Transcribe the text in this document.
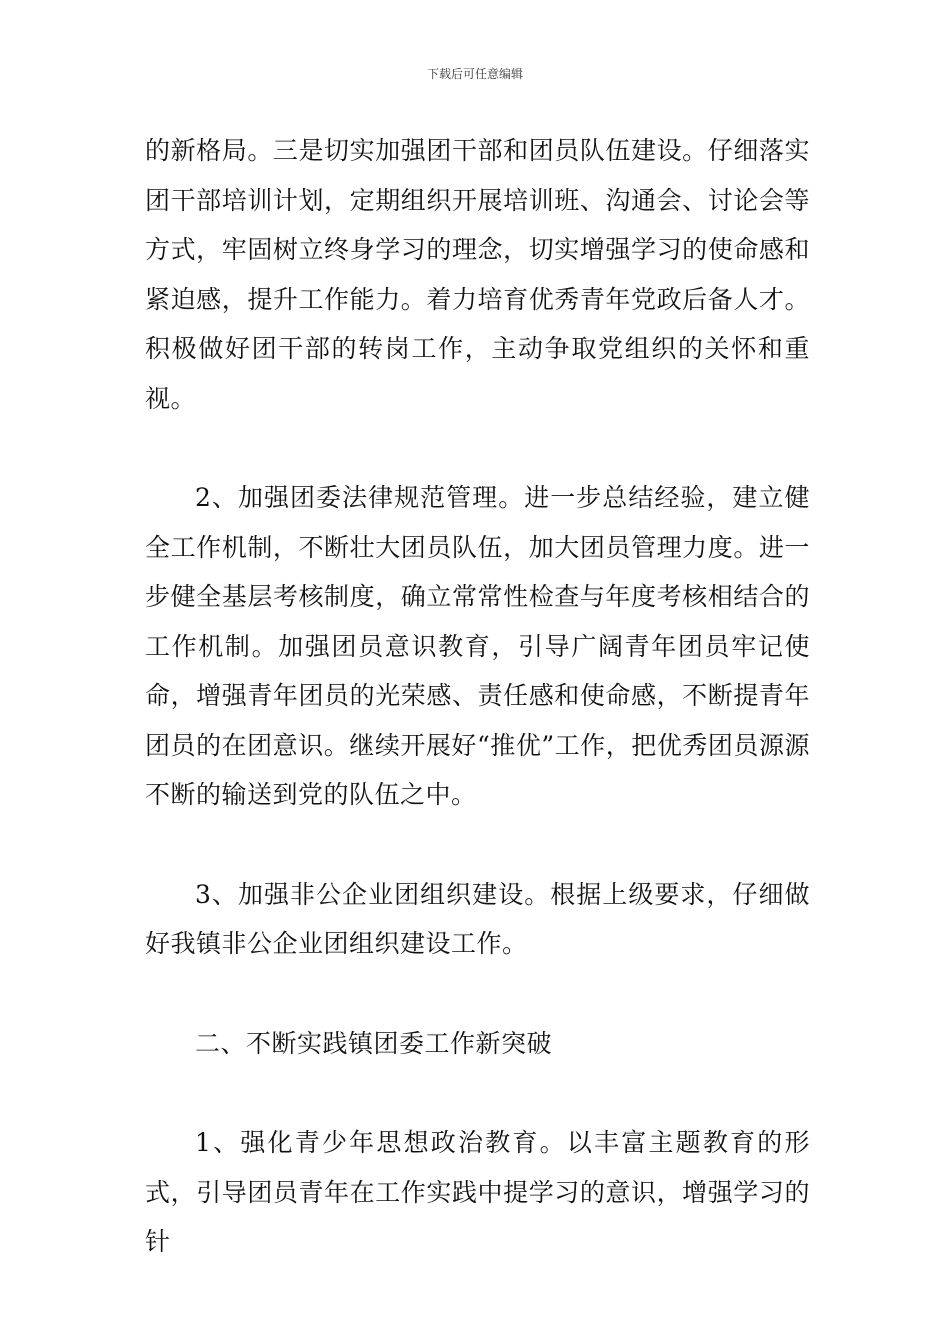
下载后可任意编辑

的新格局。三是切实加强团干部和团员队伍建设。仔细落实团干部培训计划，定期组织开展培训班、沟通会、讨论会等方式，牢固树立终身学习的理念，切实增强学习的使命感和紧迫感，提升工作能力。着力培育优秀青年党政后备人才。积极做好团干部的转岗工作，主动争取党组织的关怀和重视。

2、加强团委法律规范管理。进一步总结经验，建立健全工作机制，不断壮大团员队伍，加大团员管理力度。进一步健全基层考核制度，确立常常性检查与年度考核相结合的工作机制。加强团员意识教育，引导广阔青年团员牢记使命，增强青年团员的光荣感、责任感和使命感，不断提青年团员的在团意识。继续开展好“推优”工作，把优秀团员源源不断的输送到党的队伍之中。

3、加强非公企业团组织建设。根据上级要求，仔细做好我镇非公企业团组织建设工作。

二、不断实践镇团委工作新突破

1、强化青少年思想政治教育。以丰富主题教育的形式，引导团员青年在工作实践中提学习的意识，增强学习的针
